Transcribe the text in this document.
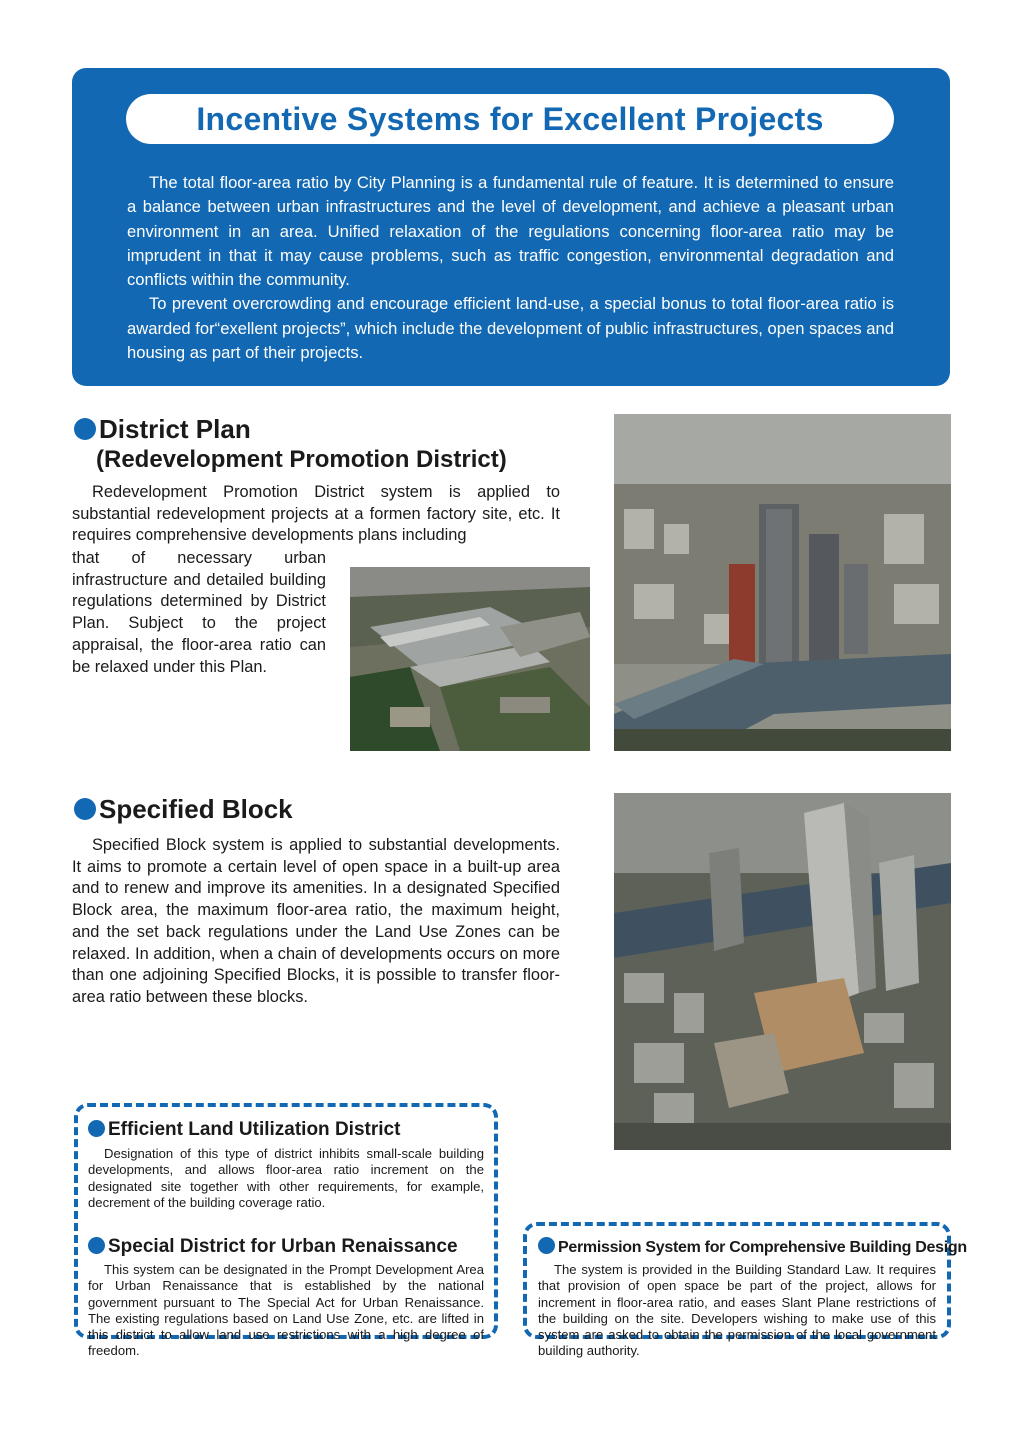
Incentive Systems for Excellent Projects

The total floor-area ratio by City Planning is a fundamental rule of feature. It is determined to ensure a balance between urban infrastructures and the level of development, and achieve a pleasant urban environment in an area. Unified relaxation of the regulations concerning floor-area ratio may be imprudent in that it may cause problems, such as traffic congestion, environmental degradation and conflicts within the community.

To prevent overcrowding and encourage efficient land-use, a special bonus to total floor-area ratio is awarded for“exellent projects”, which include the development of public infrastructures, open spaces and housing as part of their projects.

District Plan
(Redevelopment Promotion District)
Redevelopment Promotion District system is applied to substantial redevelopment projects at a formen factory site, etc. It requires comprehensive developments plans including
that of necessary urban infrastructure and detailed building regulations determined by District Plan. Subject to the project appraisal, the floor-area ratio can be relaxed under this Plan.
Specified Block
Specified Block system is applied to substantial developments. It aims to promote a certain level of open space in a built-up area and to renew and improve its amenities. In a designated Specified Block area, the maximum floor-area ratio, the maximum height, and the set back regulations under the Land Use Zones can be relaxed. In addition, when a chain of developments occurs on more than one adjoining Specified Blocks, it is possible to transfer floor-area ratio between these blocks.
Efficient Land Utilization District
Designation of this type of district inhibits small-scale building developments, and allows floor-area ratio increment on the designated site together with other requirements, for example, decrement of the building coverage ratio.
Special District for Urban Renaissance
This system can be designated in the Prompt Development Area for Urban Renaissance that is established by the national government pursuant to The Special Act for Urban Renaissance. The existing regulations based on Land Use Zone, etc. are lifted in this district to allow land use restrictions with a high degree of freedom.
Permission System for Comprehensive Building Design
The system is provided in the Building Standard Law. It requires that provision of open space be part of the project, allows for increment in floor-area ratio, and eases Slant Plane restrictions of the building on the site. Developers wishing to make use of this system are asked to obtain the permission of the local government building authority.
